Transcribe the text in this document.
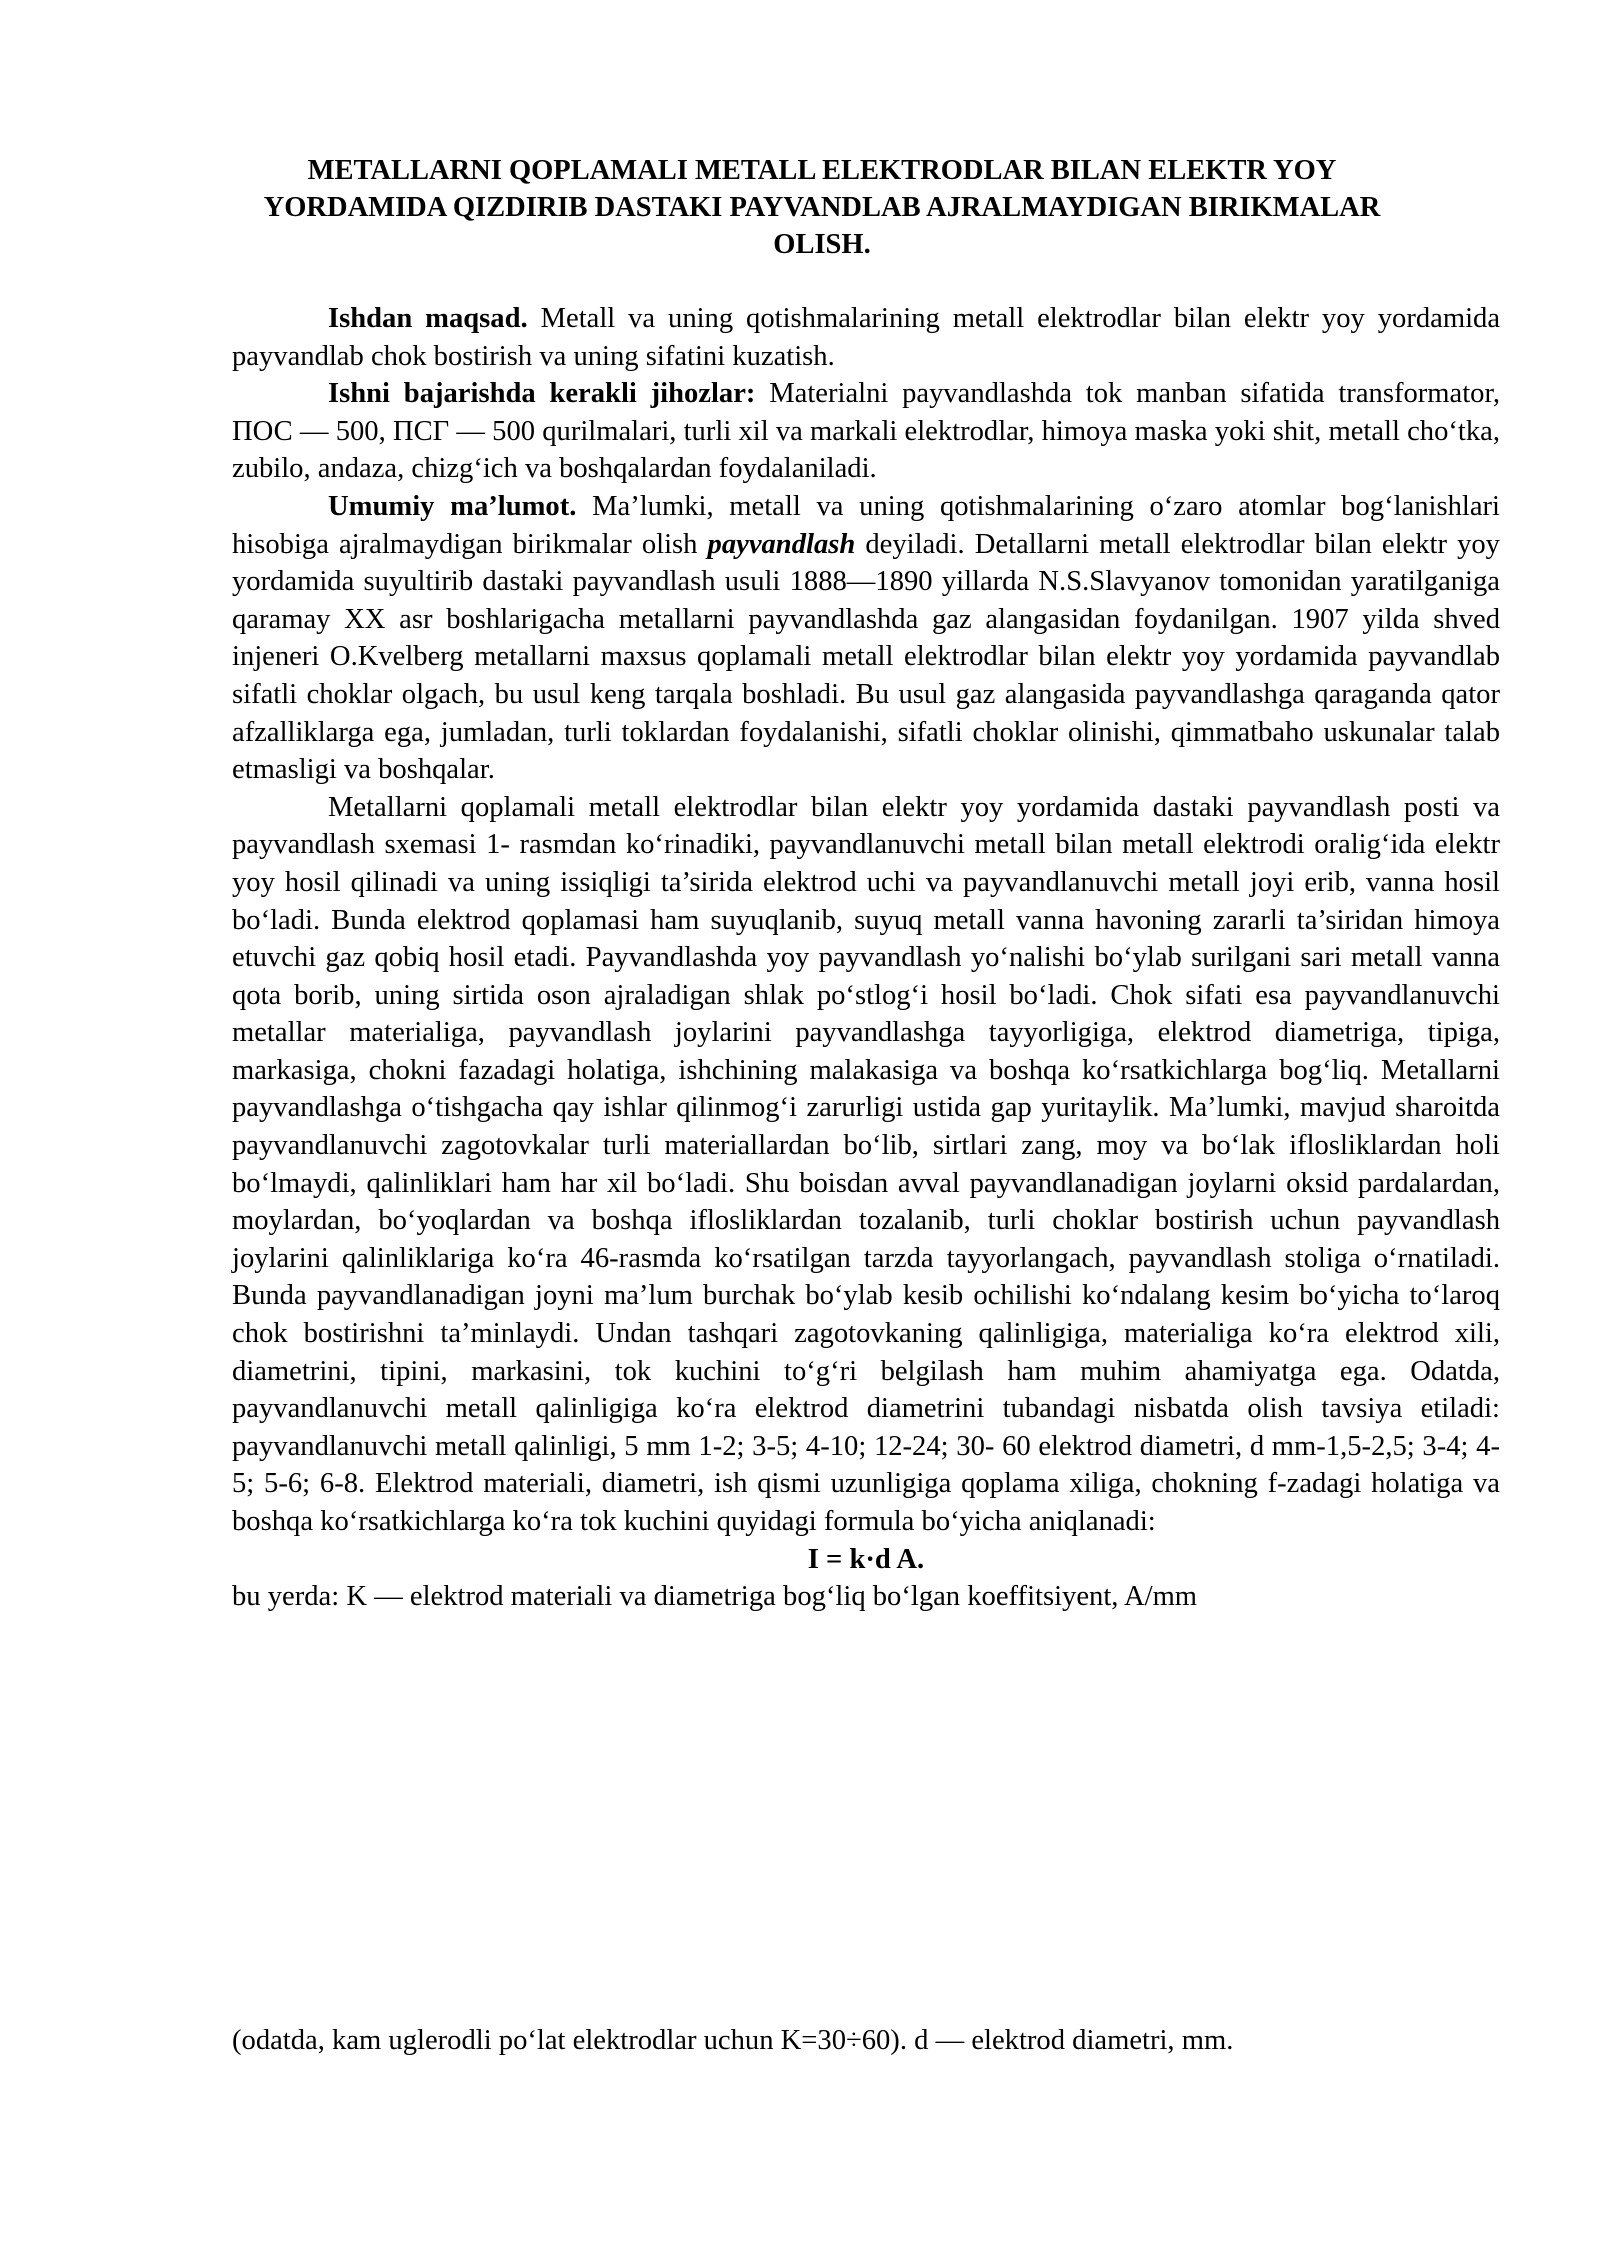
METALLARNI QOPLAMALI METALL ELEKTRODLAR BILAN ELEKTR YOY YORDAMIDA QIZDIRIB DASTAKI PAYVANDLAB AJRALMAYDIGAN BIRIKMALAR OLISH.

Ishdan maqsad. Metall va uning qotishmalarining metall elektrodlar bilan elektr yoy yordamida payvandlab chok bostirish va uning sifatini kuzatish.

Ishni bajarishda kerakli jihozlar: Materialni payvandlashda tok manban sifatida transformator, ПОС — 500, ПСГ — 500 qurilmalari, turli xil va markali elektrodlar, himoya maska yoki shit, metall cho‘tka, zubilo, andaza, chizg‘ich va boshqalardan foydalaniladi.

Umumiy ma’lumot. Ma’lumki, metall va uning qotishmalarining o‘zaro atomlar bog‘lanishlari hisobiga ajralmaydigan birikmalar olish payvandlash deyiladi. Detallarni metall elektrodlar bilan elektr yoy yordamida suyultirib dastaki payvandlash usuli 1888—1890 yillarda N.S.Slavyanov tomonidan yaratilganiga qaramay XX asr boshlarigacha metallarni payvandlashda gaz alangasidan foydanilgan. 1907 yilda shved injeneri O.Kvelberg metallarni maxsus qoplamali metall elektrodlar bilan elektr yoy yordamida payvandlab sifatli choklar olgach, bu usul keng tarqala boshladi. Bu usul gaz alangasida payvandlashga qaraganda qator afzalliklarga ega, jumladan, turli toklardan foydalanishi, sifatli choklar olinishi, qimmatbaho uskunalar talab etmasligi va boshqalar.

Metallarni qoplamali metall elektrodlar bilan elektr yoy yordamida dastaki payvandlash posti va payvandlash sxemasi 1- rasmdan ko‘rinadiki, payvandlanuvchi metall bilan metall elektrodi oralig‘ida elektr yoy hosil qilinadi va uning issiqligi ta’sirida elektrod uchi va payvandlanuvchi metall joyi erib, vanna hosil bo‘ladi. Bunda elektrod qoplamasi ham suyuqlanib, suyuq metall vanna havoning zararli ta’siridan himoya etuvchi gaz qobiq hosil etadi. Payvandlashda yoy payvandlash yo‘nalishi bo‘ylab surilgani sari metall vanna qota borib, uning sirtida oson ajraladigan shlak po‘stlog‘i hosil bo‘ladi. Chok sifati esa payvandlanuvchi metallar materialiga, payvandlash joylarini payvandlashga tayyorligiga, elektrod diametriga, tipiga, markasiga, chokni fazadagi holatiga, ishchining malakasiga va boshqa ko‘rsatkichlarga bog‘liq. Metallarni payvandlashga o‘tishgacha qay ishlar qilinmog‘i zarurligi ustida gap yuritaylik. Ma’lumki, mavjud sharoitda payvandlanuvchi zagotovkalar turli materiallardan bo‘lib, sirtlari zang, moy va bo‘lak iflosliklardan holi bo‘lmaydi, qalinliklari ham har xil bo‘ladi. Shu boisdan avval payvandlanadigan joylarni oksid pardalardan, moylardan, bo‘yoqlardan va boshqa iflosliklardan tozalanib, turli choklar bostirish uchun payvandlash joylarini qalinliklariga ko‘ra 46-rasmda ko‘rsatilgan tarzda tayyorlangach, payvandlash stoliga o‘rnatiladi. Bunda payvandlanadigan joyni ma’lum burchak bo‘ylab kesib ochilishi ko‘ndalang kesim bo‘yicha to‘laroq chok bostirishni ta’minlaydi. Undan tashqari zagotovkaning qalinligiga, materialiga ko‘ra elektrod xili, diametrini, tipini, markasini, tok kuchini to‘g‘ri belgilash ham muhim ahamiyatga ega. Odatda, payvandlanuvchi metall qalinligiga ko‘ra elektrod diametrini tubandagi nisbatda olish tavsiya etiladi: payvandlanuvchi metall qalinligi, 5 mm 1-2; 3-5; 4-10; 12-24; 30- 60 elektrod diametri, d mm-1,5-2,5; 3-4; 4-5; 5-6; 6-8. Elektrod materiali, diametri, ish qismi uzunligiga qoplama xiliga, chokning f-zadagi holatiga va boshqa ko‘rsatkichlarga ko‘ra tok kuchini quyidagi formula bo‘yicha aniqlanadi:

I = k·d A.

bu yerda: K — elektrod materiali va diametriga bog‘liq bo‘lgan koeffitsiyent, A/mm

(odatda, kam uglerodli po‘lat elektrodlar uchun K=30÷60). d — elektrod diametri, mm.
